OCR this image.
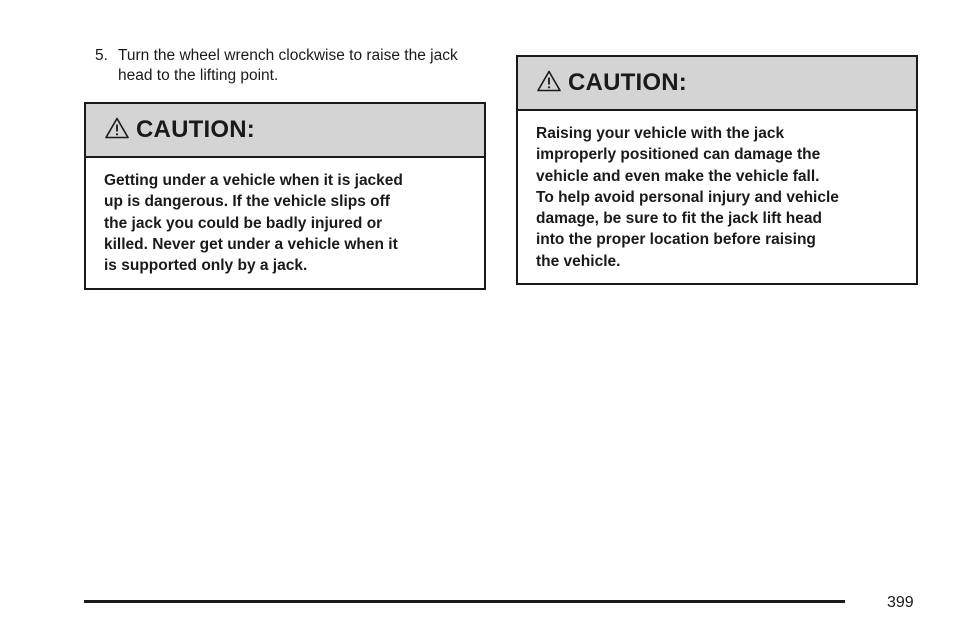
5. Turn the wheel wrench clockwise to raise the jack head to the lifting point.
CAUTION:
Getting under a vehicle when it is jacked
up is dangerous. If the vehicle slips off
the jack you could be badly injured or
killed. Never get under a vehicle when it
is supported only by a jack.
CAUTION:
Raising your vehicle with the jack
improperly positioned can damage the
vehicle and even make the vehicle fall.
To help avoid personal injury and vehicle
damage, be sure to fit the jack lift head
into the proper location before raising
the vehicle.
399
